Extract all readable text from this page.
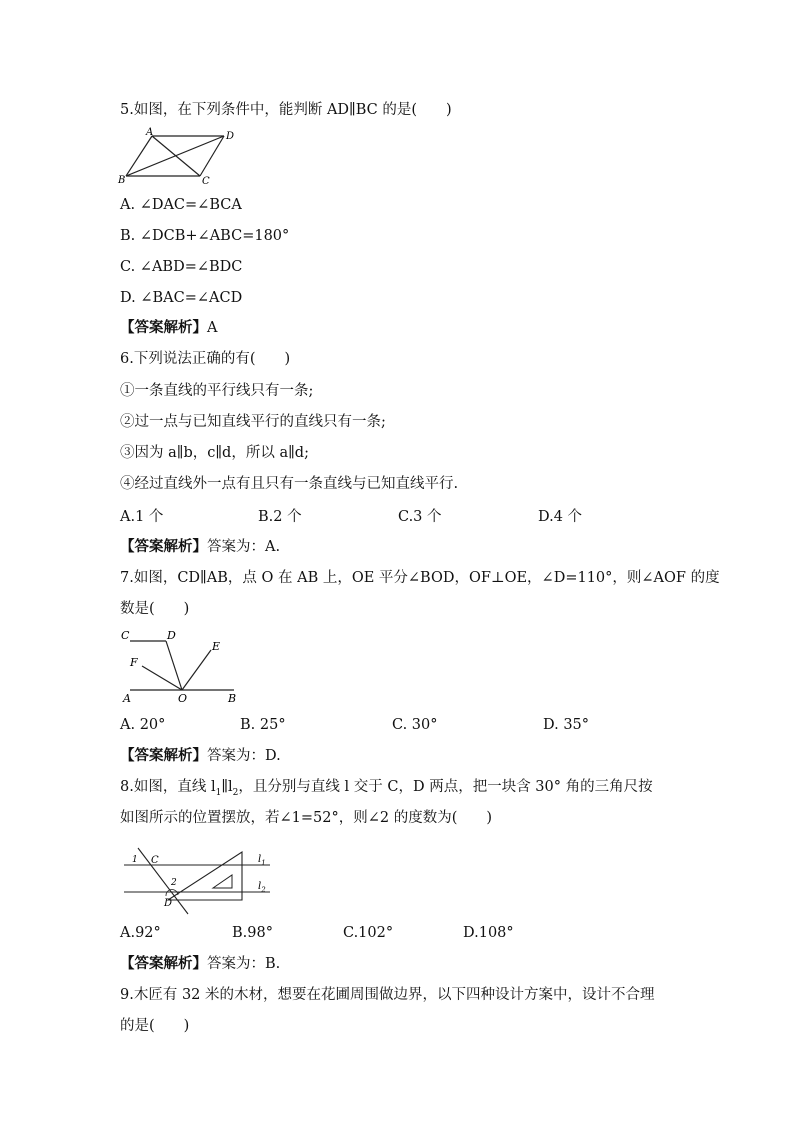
5.如图，在下列条件中，能判断 AD∥BC 的是(　　)
A	D
B	C
A. ∠DAC=∠BCA
B. ∠DCB+∠ABC=180°
C. ∠ABD=∠BDC
D. ∠BAC=∠ACD
【答案解析】A
6.下列说法正确的有(　　)
①一条直线的平行线只有一条;
②过一点与已知直线平行的直线只有一条;
③因为 a∥b，c∥d，所以 a∥d;
④经过直线外一点有且只有一条直线与已知直线平行.
A.1 个	B.2 个	C.3 个	D.4 个
【答案解析】答案为：A.
7.如图，CD∥AB，点 O 在 AB 上，OE 平分∠BOD，OF⊥OE，∠D=110°，则∠AOF 的度
数是(　　)
C	D
F
E
A	O	B
A. 20°	B. 25°	C. 30°	D. 35°
【答案解析】答案为：D.
8.如图，直线 $l_1\parallel l_2$，且分别与直线 l 交于 C，D 两点，把一块含 30° 角的三角尺按
如图所示的位置摆放，若∠1=52°，则∠2 的度数为(　　)
1 C
2
D
$l_1$
$l_2$
A.92°	B.98°	C.102°	D.108°
【答案解析】答案为：B.
9.木匠有 32 米的木材，想要在花圃周围做边界，以下四种设计方案中，设计不合理
的是(　　)
